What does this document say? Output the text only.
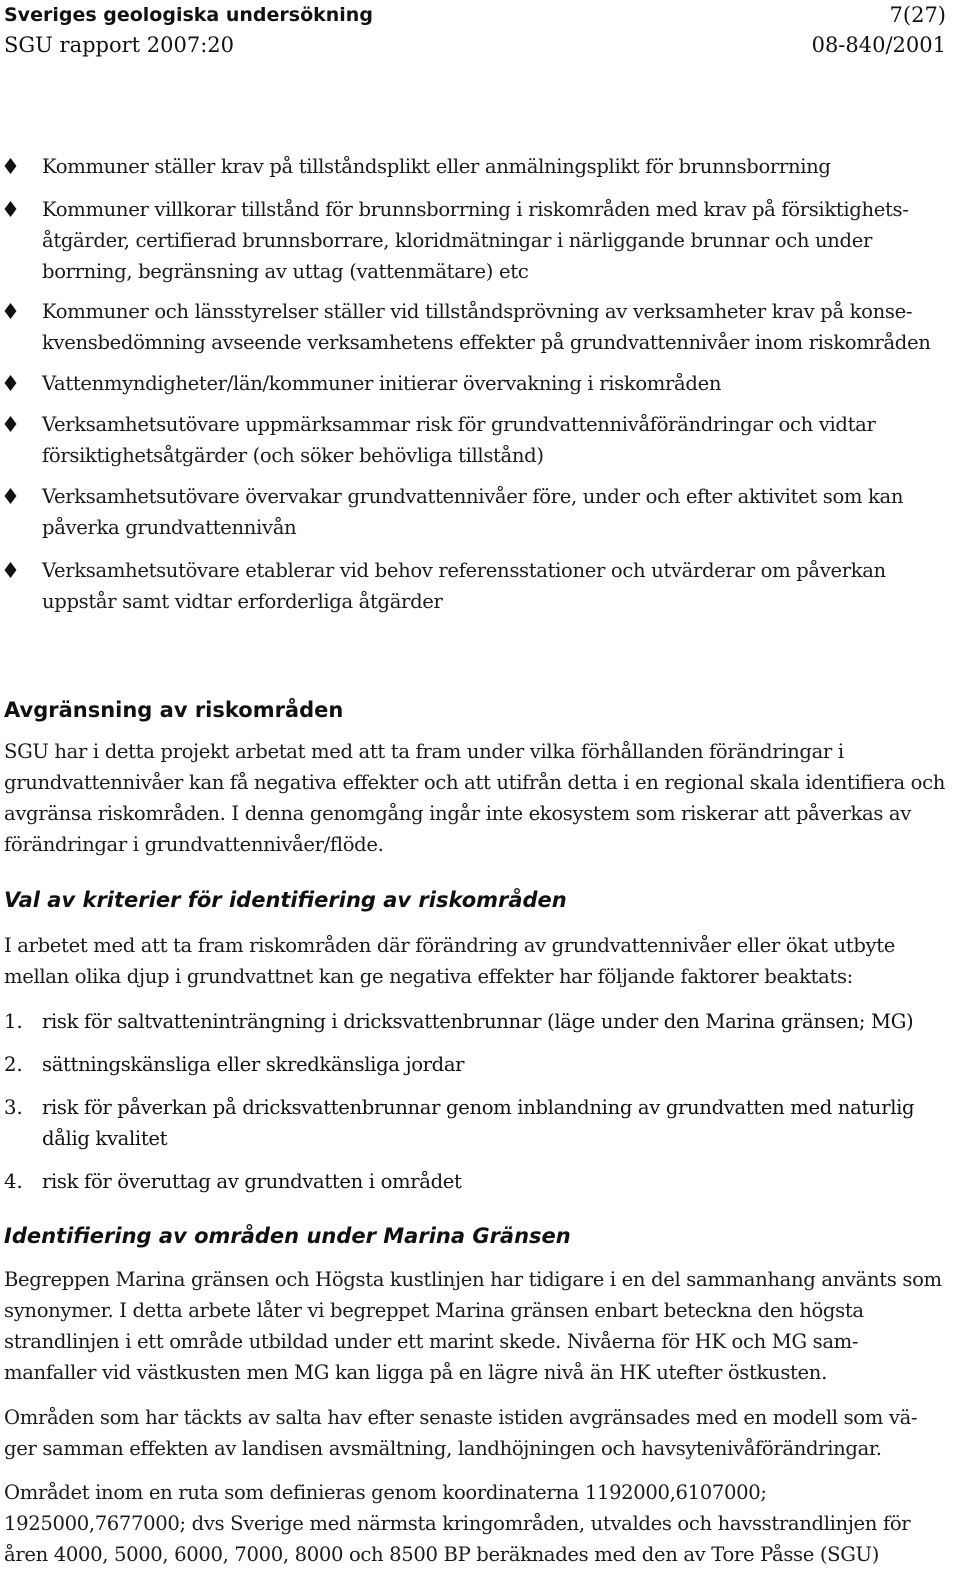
Sveriges geologiska undersökning	7(27)
SGU rapport 2007:20	08-840/2001
Kommuner ställer krav på tillståndsplikt eller anmälningsplikt för brunnsborrning
Kommuner villkorar tillstånd för brunnsborrning i riskområden med krav på försiktighets-åtgärder, certifierad brunnsborrare, kloridmätningar i närliggande brunnar och under borrning, begränsning av uttag (vattenmätare) etc
Kommuner och länsstyrelser ställer vid tillståndsprövning av verksamheter krav på konse-kvensbedömning avseende verksamhetens effekter på grundvattennivåer inom riskområden
Vattenmyndigheter/län/kommuner initierar övervakning i riskområden
Verksamhetsutövare uppmärksammar risk för grundvattennivåförändringar och vidtar försiktighetsåtgärder (och söker behövliga tillstånd)
Verksamhetsutövare övervakar grundvattennivåer före, under och efter aktivitet som kan påverka grundvattennivån
Verksamhetsutövare etablerar vid behov referensstationer och utvärderar om påverkan uppstår samt vidtar erforderliga åtgärder
Avgränsning av riskområden
SGU har i detta projekt arbetat med att ta fram under vilka förhållanden förändringar i grundvattennivåer kan få negativa effekter och att utifrån detta i en regional skala identifiera och avgränsa riskområden. I denna genomgång ingår inte ekosystem som riskerar att påverkas av förändringar i grundvattennivåer/flöde.
Val av kriterier för identifiering av riskområden
I arbetet med att ta fram riskområden där förändring av grundvattennivåer eller ökat utbyte mellan olika djup i grundvattnet kan ge negativa effekter har följande faktorer beaktats:
1. risk för saltvatteninträngning i dricksvattenbrunnar (läge under den Marina gränsen; MG)
2. sättningskänsliga eller skredkänsliga jordar
3. risk för påverkan på dricksvattenbrunnar genom inblandning av grundvatten med naturlig dålig kvalitet
4. risk för överuttag av grundvatten i området
Identifiering av områden under Marina Gränsen
Begreppen Marina gränsen och Högsta kustlinjen har tidigare i en del sammanhang använts som synonymer. I detta arbete låter vi begreppet Marina gränsen enbart beteckna den högsta strandlinjen i ett område utbildad under ett marint skede. Nivåerna för HK och MG sam-manfaller vid västkusten men MG kan ligga på en lägre nivå än HK utefter östkusten.
Områden som har täckts av salta hav efter senaste istiden avgränsades med en modell som vä-ger samman effekten av landisen avsmältning, landhöjningen och havsytenivåförändringar.
Området inom en ruta som definieras genom koordinaterna 1192000,6107000; 1925000,7677000; dvs Sverige med närmsta kringområden, utvaldes och havsstrandlinjen för åren 4000, 5000, 6000, 7000, 8000 och 8500 BP beräknades med den av Tore Påsse (SGU)
